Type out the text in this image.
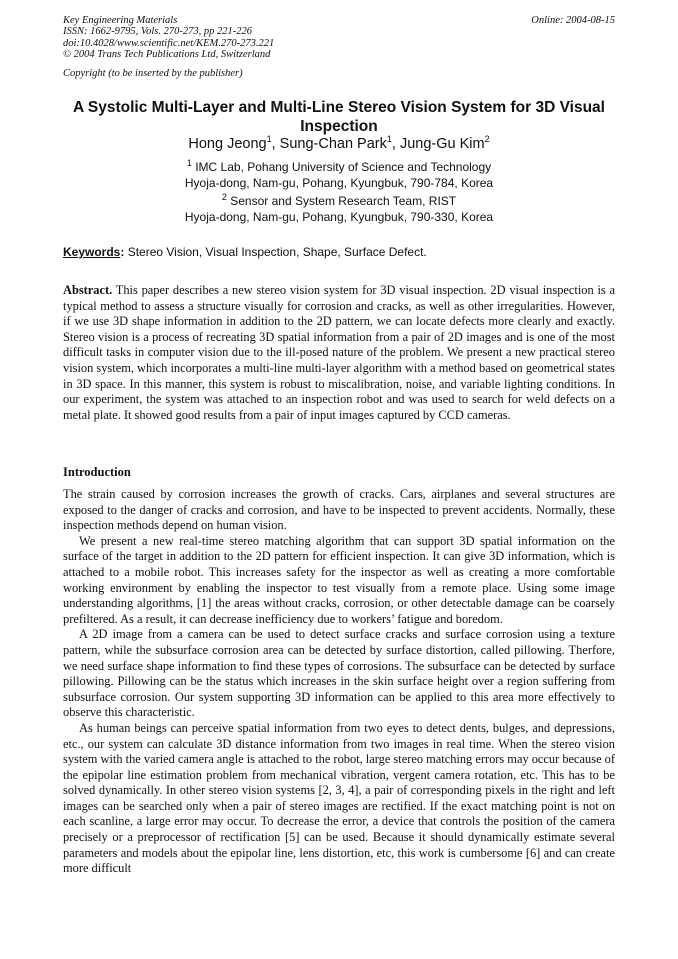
Key Engineering Materials
ISSN: 1662-9795, Vols. 270-273, pp 221-226
doi:10.4028/www.scientific.net/KEM.270-273.221
© 2004 Trans Tech Publications Ltd, Switzerland
Online: 2004-08-15
Copyright (to be inserted by the publisher)
A Systolic Multi-Layer and Multi-Line Stereo Vision System for 3D Visual Inspection
Hong Jeong$^1$, Sung-Chan Park$^1$, Jung-Gu Kim$^2$
$^1$ IMC Lab, Pohang University of Science and Technology
Hyoja-dong, Nam-gu, Pohang, Kyungbuk, 790-784, Korea
$^2$ Sensor and System Research Team, RIST
Hyoja-dong, Nam-gu, Pohang, Kyungbuk, 790-330, Korea
Keywords: Stereo Vision, Visual Inspection, Shape, Surface Defect.

Abstract. This paper describes a new stereo vision system for 3D visual inspection. 2D visual inspection is a typical method to assess a structure visually for corrosion and cracks, as well as other irregularities. However, if we use 3D shape information in addition to the 2D pattern, we can locate defects more clearly and exactly. Stereo vision is a process of recreating 3D spatial information from a pair of 2D images and is one of the most difficult tasks in computer vision due to the ill-posed nature of the problem. We present a new practical stereo vision system, which incorporates a multi-line multi-layer algorithm with a method based on geometrical states in 3D space. In this manner, this system is robust to miscalibration, noise, and variable lighting conditions. In our experiment, the system was attached to an inspection robot and was used to search for weld defects on a metal plate. It showed good results from a pair of input images captured by CCD cameras.

Introduction

The strain caused by corrosion increases the growth of cracks. Cars, airplanes and several structures are exposed to the danger of cracks and corrosion, and have to be inspected to prevent accidents. Normally, these inspection methods depend on human vision.

We present a new real-time stereo matching algorithm that can support 3D spatial information on the surface of the target in addition to the 2D pattern for efficient inspection. It can give 3D information, which is attached to a mobile robot. This increases safety for the inspector as well as creating a more comfortable working environment by enabling the inspector to test visually from a remote place. Using some image understanding algorithms, [1] the areas without cracks, corrosion, or other detectable damage can be coarsely prefiltered. As a result, it can decrease inefficiency due to workers’ fatigue and boredom.

A 2D image from a camera can be used to detect surface cracks and surface corrosion using a texture pattern, while the subsurface corrosion area can be detected by surface distortion, called pillowing. Therfore, we need surface shape information to find these types of corrosions. The subsurface can be detected by surface pillowing. Pillowing can be the status which increases in the skin surface height over a region suffering from subsurface corrosion. Our system supporting 3D information can be applied to this area more effectively to observe this characteristic.

As human beings can perceive spatial information from two eyes to detect dents, bulges, and depressions, etc., our system can calculate 3D distance information from two images in real time. When the stereo vision system with the varied camera angle is attached to the robot, large stereo matching errors may occur because of the epipolar line estimation problem from mechanical vibration, vergent camera rotation, etc. This has to be solved dynamically. In other stereo vision systems [2, 3, 4], a pair of corresponding pixels in the right and left images can be searched only when a pair of stereo images are rectified. If the exact matching point is not on each scanline, a large error may occur. To decrease the error, a device that controls the position of the camera precisely or a preprocessor of rectification [5] can be used. Because it should dynamically estimate several parameters and models about the epipolar line, lens distortion, etc, this work is cumbersome [6] and can create more difficult
